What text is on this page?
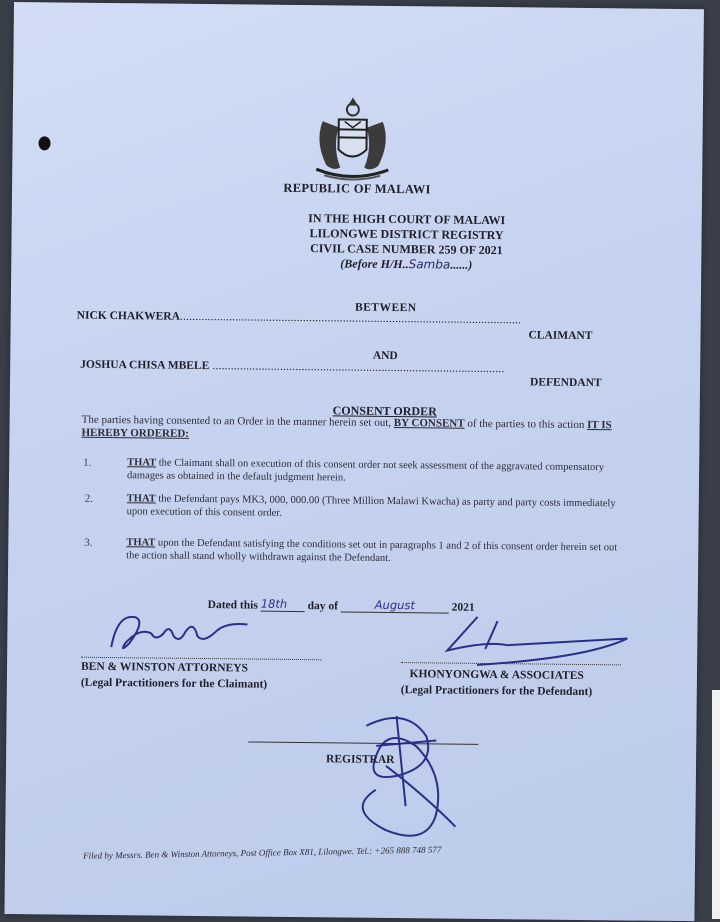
REPUBLIC OF MALAWI
IN THE HIGH COURT OF MALAWI
LILONGWE DISTRICT REGISTRY
CIVIL CASE NUMBER 259 OF 2021
(Before H/H..Samba......)
BETWEEN
NICK CHAKWERA...............................................................................................................
CLAIMANT
AND
JOSHUA CHISA MBELE ...............................................................................................
DEFENDANT
CONSENT ORDER
The parties having consented to an Order in the manner herein set out, BY CONSENT of the parties to this action IT IS HEREBY ORDERED:
1.	THAT the Claimant shall on execution of this consent order not seek assessment of the aggravated compensatory damages as obtained in the default judgment herein.
2.	THAT the Defendant pays MK3, 000, 000.00 (Three Million Malawi Kwacha) as party and party costs immediately upon execution of this consent order.
3.	THAT upon the Defendant satisfying the conditions set out in paragraphs 1 and 2 of this consent order herein set out the action shall stand wholly withdrawn against the Defendant.
Dated this 18th day of	August	2021
BEN & WINSTON ATTORNEYS
(Legal Practitioners for the Claimant)
KHONYONGWA & ASSOCIATES
(Legal Practitioners for the Defendant)
REGISTRAR
Filed by Messrs. Ben & Winston Attorneys, Post Office Box X81, Lilongwe. Tel.: +265 888 748 577
